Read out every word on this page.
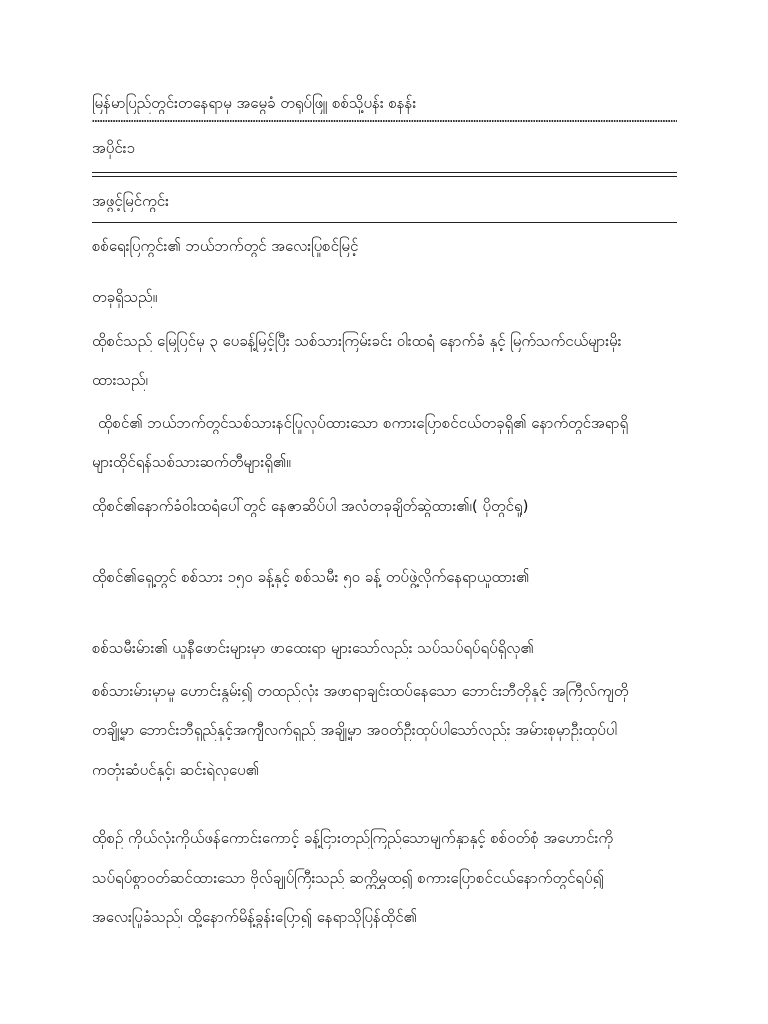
မြန်မာပြည်တွင်းတနေရာမှ အမွေခံ တရုပ်ဖြူ စစ်သို့ပန်း စနန်း
အပိုင်း၁
အဖွင့်မြင်ကွင်း
စစ်ရေးပြကွင်း၏ ဘယ်ဘက်တွင် အလေးပြုစင်မြင့်
တခုရှိသည်။
ထိုစင်သည် မြေပြင်မှ ၃ ပေခန့်မြင့်ပြီး သစ်သားကြမ်းခင်း ဝါးထရံ နောက်ခံ နှင့် မြက်သက်ငယ်များမိုး
ထားသည်၊
ထိုစင်၏ ဘယ်ဘက်တွင်သစ်သားနင်ပြုလုပ်ထားသော စကားပြောစင်ငယ်တခုရှိ၏ နောက်တွင်အရာရှိ
များထိုင်ရန်သစ်သားဆက်တီများရှိ၏။
ထိုစင်၏နောက်ခံဝါးထရံပေါ်တွင် နေဇာဆိပ်ပါ အလံတခုချိတ်ဆွဲထား၏၊( ပိုတွင်ရှု)
ထိုစင်၏ရှေ့တွင် စစ်သား ၁၅၀ ခန့်နှင့် စစ်သမီး ၅၀ ခန့် တပ်ဖွဲ့လိုက်နေရာယူထား၏
စစ်သမီးမ်ား၏ ယူနီဖောင်းများမှာ ဖာထေးရာ များသော်လည်း သပ်သပ်ရပ်ရပ်ရှိလှ၏
စစ်သားမ်ားမှာမူ ဟောင်းနွမ်း၍ တထည်လုံး အဖာရာချင်းထပ်နေသော ဘောင်းဘီတိုနှင့် အကြီလ်ကျတို
တချို့မှာ ဘောင်းဘီရှည်နှင့်အကျီလက်ရှည် အချို့မှာ အဝတ်ဦးထုပ်ပါသော်လည်း အမ်ားစုမှာဦးထုပ်ပါ
ကတုံးဆံပင်နှင့်၊ ဆင်းရဲလှပေ၏
ထိုစဉ် ကိုယ်လုံးကိုယ်ဖန်ကောင်းကောင့် ခန့်ငြားတည်ကြည်သောမျက်နှာနှင့် စစ်ဝတ်စုံ အဟောင်းကို
သပ်ရပ်စွာဝတ်ဆင်ထားသော ဗိုလ်ချုပ်ကြီးသည် ဆက္ကိမွှထ၍ စကားပြောစင်ငယ်နောက်တွင်ရပ်၍
အလေးပြုခံသည်၊ ထို့နောက်မိန့်ခွန်းပြော၍ နေရာသိုပြန်ထိုင်၏
